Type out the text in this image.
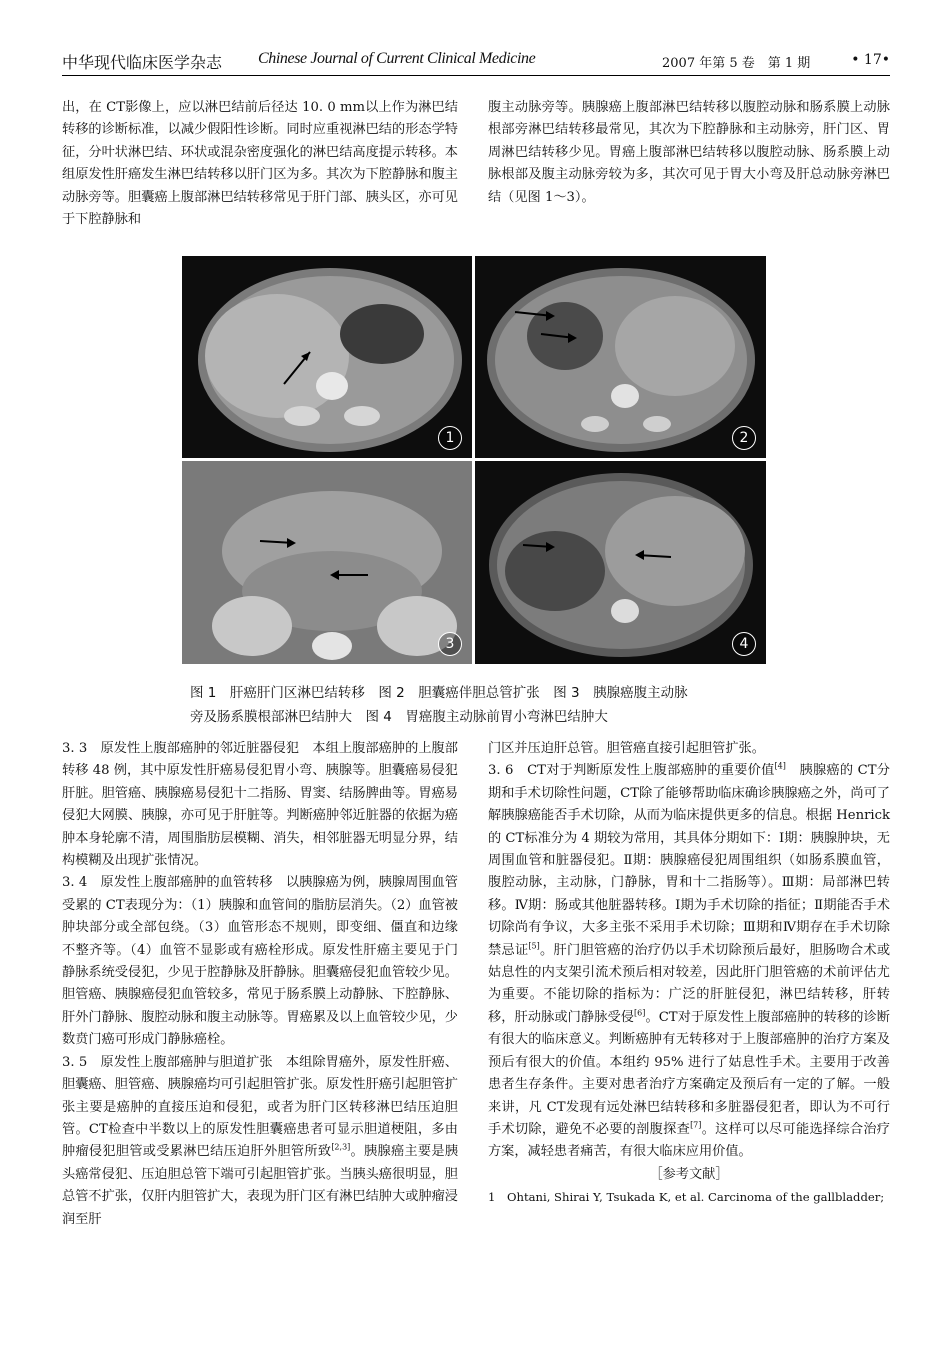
中华现代临床医学杂志 Chinese Journal of Current Clinical Medicine	2007 年第 5 卷　第 1 期	• 17•

出，在 CT影像上，应以淋巴结前后径达 10. 0 mm以上作为淋巴结转移的诊断标准，以减少假阳性诊断。同时应重视淋巴结的形态学特征，分叶状淋巴结、环状或混杂密度强化的淋巴结高度提示转移。本组原发性肝癌发生淋巴结转移以肝门区为多。其次为下腔静脉和腹主动脉旁等。胆囊癌上腹部淋巴结转移常见于肝门部、胰头区，亦可见于下腔静脉和

腹主动脉旁等。胰腺癌上腹部淋巴结转移以腹腔动脉和肠系膜上动脉根部旁淋巴结转移最常见，其次为下腔静脉和主动脉旁，肝门区、胃周淋巴结转移少见。胃癌上腹部淋巴结转移以腹腔动脉、肠系膜上动脉根部及腹主动脉旁较为多，其次可见于胃大小弯及肝总动脉旁淋巴结（见图 1～3）。

1	2
3	4
图 1　肝癌肝门区淋巴结转移　图 2　胆囊癌伴胆总管扩张　图 3　胰腺癌腹主动脉
旁及肠系膜根部淋巴结肿大　图 4　胃癌腹主动脉前胃小弯淋巴结肿大

3. 3　原发性上腹部癌肿的邻近脏器侵犯　本组上腹部癌肿的上腹部转移 48 例，其中原发性肝癌易侵犯胃小弯、胰腺等。胆囊癌易侵犯肝脏。胆管癌、胰腺癌易侵犯十二指肠、胃窦、结肠脾曲等。胃癌易侵犯大网膜、胰腺，亦可见于肝脏等。判断癌肿邻近脏器的依据为癌肿本身轮廓不清，周围脂肪层模糊、消失，相邻脏器无明显分界，结构模糊及出现扩张情况。

3. 4　原发性上腹部癌肿的血管转移　以胰腺癌为例，胰腺周围血管受累的 CT表现分为：（1）胰腺和血管间的脂肪层消失。（2）血管被肿块部分或全部包绕。（3）血管形态不规则，即变细、僵直和边缘不整齐等。（4）血管不显影或有癌栓形成。原发性肝癌主要见于门静脉系统受侵犯，少见于腔静脉及肝静脉。胆囊癌侵犯血管较少见。胆管癌、胰腺癌侵犯血管较多，常见于肠系膜上动静脉、下腔静脉、肝外门静脉、腹腔动脉和腹主动脉等。胃癌累及以上血管较少见，少数贲门癌可形成门静脉癌栓。

3. 5　原发性上腹部癌肿与胆道扩张　本组除胃癌外，原发性肝癌、胆囊癌、胆管癌、胰腺癌均可引起胆管扩张。原发性肝癌引起胆管扩张主要是癌肿的直接压迫和侵犯，或者为肝门区转移淋巴结压迫胆管。CT检查中半数以上的原发性胆囊癌患者可显示胆道梗阻，多由肿瘤侵犯胆管或受累淋巴结压迫肝外胆管所致[2,3]。胰腺癌主要是胰头癌常侵犯、压迫胆总管下端可引起胆管扩张。当胰头癌很明显，胆总管不扩张，仅肝内胆管扩大，表现为肝门区有淋巴结肿大或肿瘤浸润至肝

门区并压迫肝总管。胆管癌直接引起胆管扩张。

3. 6　CT对于判断原发性上腹部癌肿的重要价值[4]　胰腺癌的 CT分期和手术切除性问题，CT除了能够帮助临床确诊胰腺癌之外，尚可了解胰腺癌能否手术切除，从而为临床提供更多的信息。根据 Henrick的 CT标准分为 4 期较为常用，其具体分期如下：Ⅰ期：胰腺肿块，无周围血管和脏器侵犯。Ⅱ期：胰腺癌侵犯周围组织（如肠系膜血管，腹腔动脉，主动脉，门静脉，胃和十二指肠等）。Ⅲ期：局部淋巴转移。Ⅳ期：肠或其他脏器转移。Ⅰ期为手术切除的指征；Ⅱ期能否手术切除尚有争议，大多主张不采用手术切除；Ⅲ期和Ⅳ期存在手术切除禁忌证[5]。肝门胆管癌的治疗仍以手术切除预后最好，胆肠吻合术或姑息性的内支架引流术预后相对较差，因此肝门胆管癌的术前评估尤为重要。不能切除的指标为：广泛的肝脏侵犯，淋巴结转移，肝转移，肝动脉或门静脉受侵[6]。CT对于原发性上腹部癌肿的转移的诊断有很大的临床意义。判断癌肿有无转移对于上腹部癌肿的治疗方案及预后有很大的价值。本组约 95% 进行了姑息性手术。主要用于改善患者生存条件。主要对患者治疗方案确定及预后有一定的了解。一般来讲，凡 CT发现有远处淋巴结转移和多脏器侵犯者，即认为不可行手术切除，避免不必要的剖腹探查[7]。这样可以尽可能选择综合治疗方案，减轻患者痛苦，有很大临床应用价值。

［参考文献］

1　Ohtani, Shirai Y, Tsukada K, et al. Carcinoma of the gallbladder;
